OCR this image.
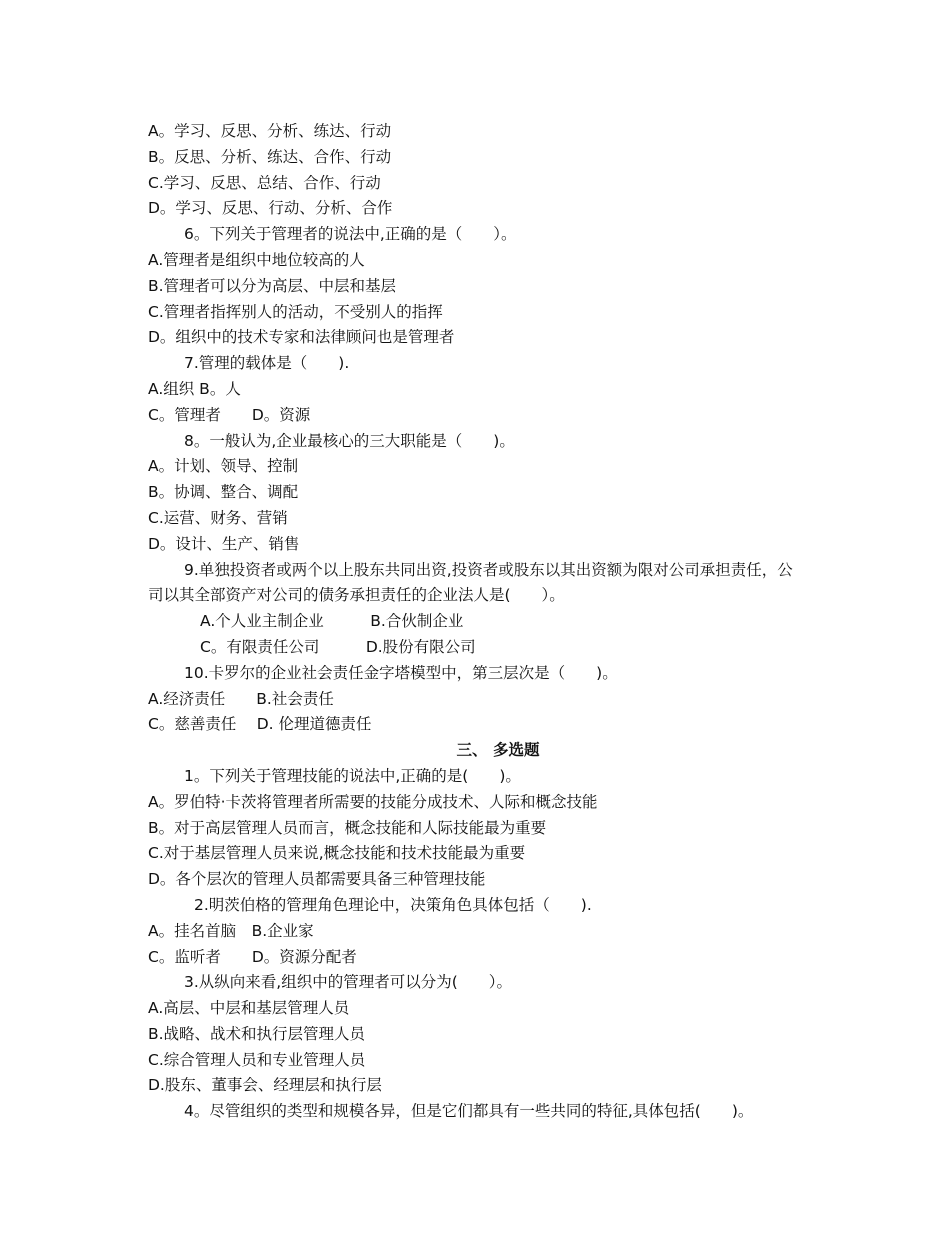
A。学习、反思、分析、练达、行动
B。反思、分析、练达、合作、行动
C.学习、反思、总结、合作、行动
D。学习、反思、行动、分析、合作
6。下列关于管理者的说法中,正确的是（　　）。
A.管理者是组织中地位较高的人
B.管理者可以分为高层、中层和基层
C.管理者指挥别人的活动，不受别人的指挥
D。组织中的技术专家和法律顾问也是管理者
7.管理的载体是（　　).
A.组织 B。人
C。管理者　　D。资源
8。一般认为,企业最核心的三大职能是（　　)。
A。计划、领导、控制
B。协调、整合、调配
C.运营、财务、营销
D。设计、生产、销售
9.单独投资者或两个以上股东共同出资,投资者或股东以其出资额为限对公司承担责任，公司以其全部资产对公司的债务承担责任的企业法人是(　　）。
A.个人业主制企业　　　B.合伙制企业
C。有限责任公司　　　D.股份有限公司
10.卡罗尔的企业社会责任金字塔模型中，第三层次是（　　)。
A.经济责任　　B.社会责任
C。慈善责任　 D. 伦理道德责任
三、 多选题
1。下列关于管理技能的说法中,正确的是(　　)。
A。罗伯特·卡茨将管理者所需要的技能分成技术、人际和概念技能
B。对于高层管理人员而言，概念技能和人际技能最为重要
C.对于基层管理人员来说,概念技能和技术技能最为重要
D。各个层次的管理人员都需要具备三种管理技能
2.明茨伯格的管理角色理论中，决策角色具体包括（　　).
A。挂名首脑　B.企业家
C。监听者　　D。资源分配者
3.从纵向来看,组织中的管理者可以分为(　　）。
A.高层、中层和基层管理人员
B.战略、战术和执行层管理人员
C.综合管理人员和专业管理人员
D.股东、董事会、经理层和执行层
4。尽管组织的类型和规模各异，但是它们都具有一些共同的特征,具体包括(　　)。
